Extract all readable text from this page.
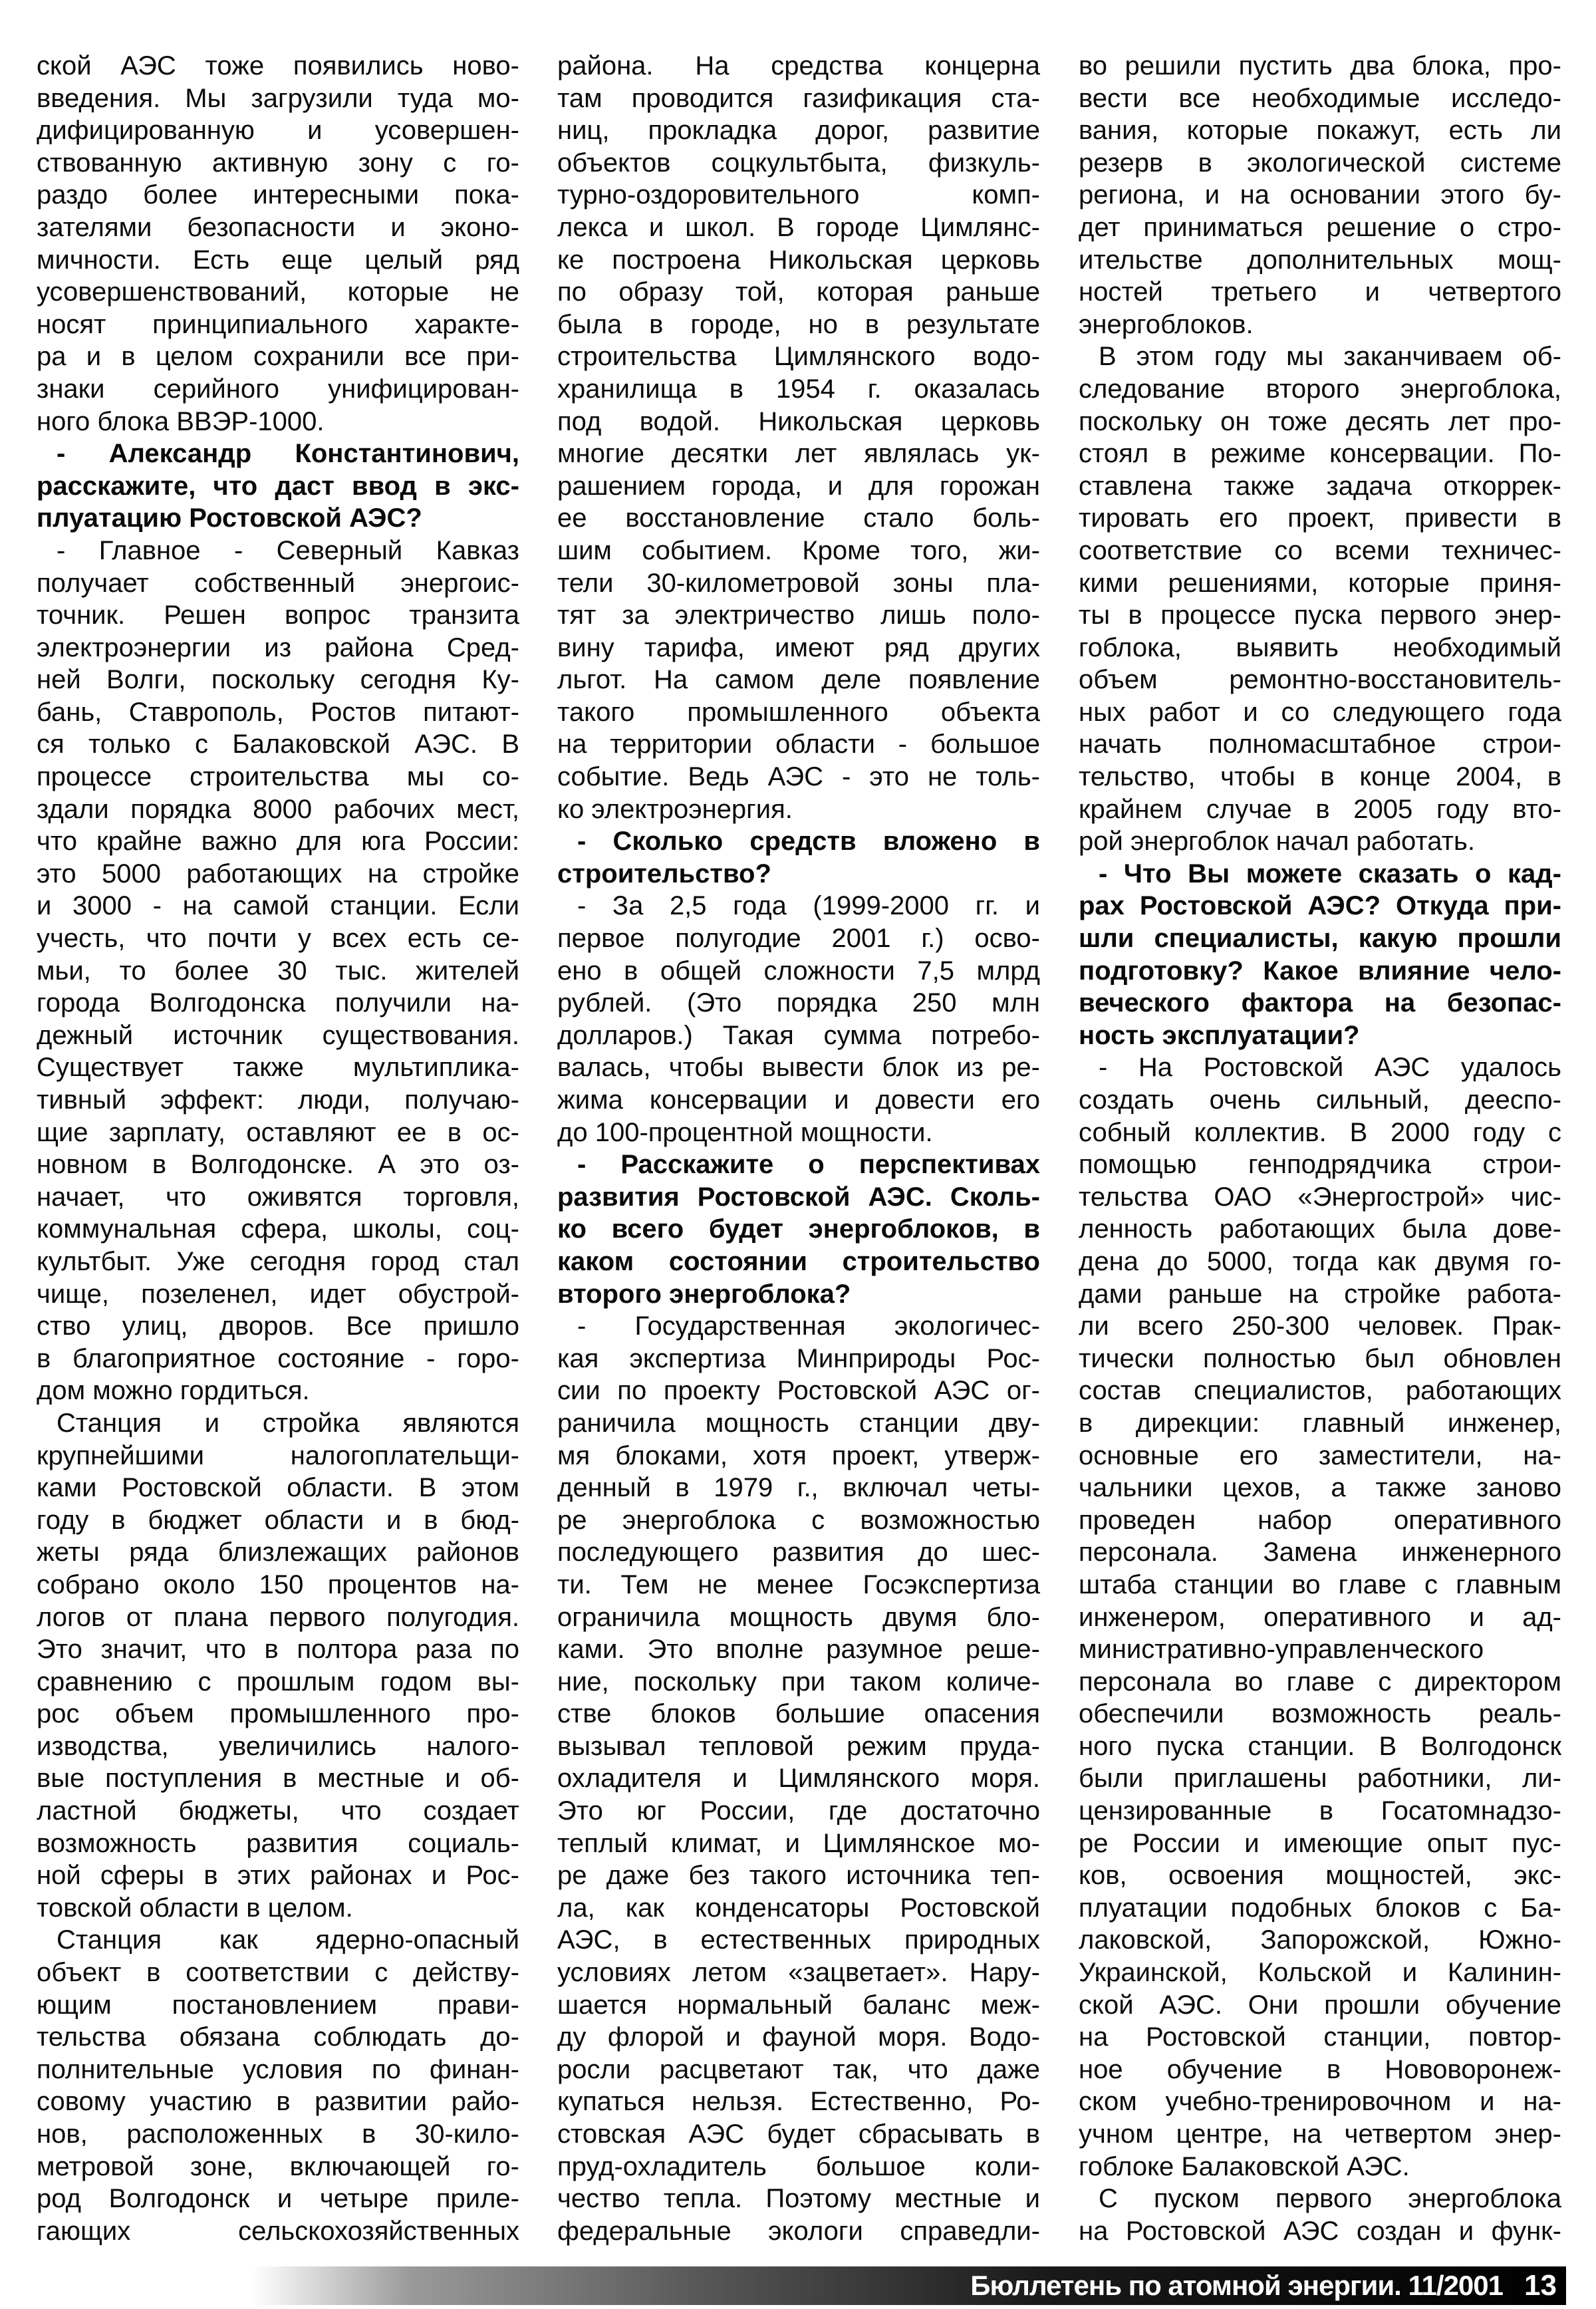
ской АЭС тоже появились ново-
введения. Мы загрузили туда мо-
дифицированную и усовершен-
ствованную активную зону с го-
раздо более интересными пока-
зателями безопасности и эконо-
мичности. Есть еще целый ряд
усовершенствований, которые не
носят принципиального характе-
ра и в целом сохранили все при-
знаки серийного унифицирован-
ного блока ВВЭР-1000.
- Александр Константинович,
расскажите, что даст ввод в экс-
плуатацию Ростовской АЭС?
- Главное - Северный Кавказ
получает собственный энергоис-
точник. Решен вопрос транзита
электроэнергии из района Сред-
ней Волги, поскольку сегодня Ку-
бань, Ставрополь, Ростов питают-
ся только с Балаковской АЭС. В
процессе строительства мы со-
здали порядка 8000 рабочих мест,
что крайне важно для юга России:
это 5000 работающих на стройке
и 3000 - на самой станции. Если
учесть, что почти у всех есть се-
мьи, то более 30 тыс. жителей
города Волгодонска получили на-
дежный источник существования.
Существует также мультиплика-
тивный эффект: люди, получаю-
щие зарплату, оставляют ее в ос-
новном в Волгодонске. А это оз-
начает, что оживятся торговля,
коммунальная сфера, школы, соц-
культбыт. Уже сегодня город стал
чище, позеленел, идет обустрой-
ство улиц, дворов. Все пришло
в благоприятное состояние - горо-
дом можно гордиться.
Станция и стройка являются
крупнейшими налогоплательщи-
ками Ростовской области. В этом
году в бюджет области и в бюд-
жеты ряда близлежащих районов
собрано около 150 процентов на-
логов от плана первого полугодия.
Это значит, что в полтора раза по
сравнению с прошлым годом вы-
рос объем промышленного про-
изводства, увеличились налого-
вые поступления в местные и об-
ластной бюджеты, что создает
возможность развития социаль-
ной сферы в этих районах и Рос-
товской области в целом.
Станция как ядерно-опасный
объект в соответствии с действу-
ющим постановлением прави-
тельства обязана соблюдать до-
полнительные условия по финан-
совому участию в развитии райо-
нов, расположенных в 30-кило-
метровой зоне, включающей го-
род Волгодонск и четыре приле-
гающих сельскохозяйственных
района. На средства концерна
там проводится газификация ста-
ниц, прокладка дорог, развитие
объектов соцкультбыта, физкуль-
турно-оздоровительного комп-
лекса и школ. В городе Цимлянс-
ке построена Никольская церковь
по образу той, которая раньше
была в городе, но в результате
строительства Цимлянского водо-
хранилища в 1954 г. оказалась
под водой. Никольская церковь
многие десятки лет являлась ук-
рашением города, и для горожан
ее восстановление стало боль-
шим событием. Кроме того, жи-
тели 30-километровой зоны пла-
тят за электричество лишь поло-
вину тарифа, имеют ряд других
льгот. На самом деле появление
такого промышленного объекта
на территории области - большое
событие. Ведь АЭС - это не толь-
ко электроэнергия.
- Сколько средств вложено в
строительство?
- За 2,5 года (1999-2000 гг. и
первое полугодие 2001 г.) осво-
ено в общей сложности 7,5 млрд
рублей. (Это порядка 250 млн
долларов.) Такая сумма потребо-
валась, чтобы вывести блок из ре-
жима консервации и довести его
до 100-процентной мощности.
- Расскажите о перспективах
развития Ростовской АЭС. Сколь-
ко всего будет энергоблоков, в
каком состоянии строительство
второго энергоблока?
- Государственная экологичес-
кая экспертиза Минприроды Рос-
сии по проекту Ростовской АЭС ог-
раничила мощность станции дву-
мя блоками, хотя проект, утверж-
денный в 1979 г., включал четы-
ре энергоблока с возможностью
последующего развития до шес-
ти. Тем не менее Госэкспертиза
ограничила мощность двумя бло-
ками. Это вполне разумное реше-
ние, поскольку при таком количе-
стве блоков большие опасения
вызывал тепловой режим пруда-
охладителя и Цимлянского моря.
Это юг России, где достаточно
теплый климат, и Цимлянское мо-
ре даже без такого источника теп-
ла, как конденсаторы Ростовской
АЭС, в естественных природных
условиях летом «зацветает». Нару-
шается нормальный баланс меж-
ду флорой и фауной моря. Водо-
росли расцветают так, что даже
купаться нельзя. Естественно, Ро-
стовская АЭС будет сбрасывать в
пруд-охладитель большое коли-
чество тепла. Поэтому местные и
федеральные экологи справедли-
во решили пустить два блока, про-
вести все необходимые исследо-
вания, которые покажут, есть ли
резерв в экологической системе
региона, и на основании этого бу-
дет приниматься решение о стро-
ительстве дополнительных мощ-
ностей третьего и четвертого
энергоблоков.
В этом году мы заканчиваем об-
следование второго энергоблока,
поскольку он тоже десять лет про-
стоял в режиме консервации. По-
ставлена также задача откоррек-
тировать его проект, привести в
соответствие со всеми техничес-
кими решениями, которые приня-
ты в процессе пуска первого энер-
гоблока, выявить необходимый
объем ремонтно-восстановитель-
ных работ и со следующего года
начать полномасштабное строи-
тельство, чтобы в конце 2004, в
крайнем случае в 2005 году вто-
рой энергоблок начал работать.
- Что Вы можете сказать о кад-
рах Ростовской АЭС? Откуда при-
шли специалисты, какую прошли
подготовку? Какое влияние чело-
веческого фактора на безопас-
ность эксплуатации?
- На Ростовской АЭС удалось
создать очень сильный, дееспо-
собный коллектив. В 2000 году с
помощью генподрядчика строи-
тельства ОАО «Энергострой» чис-
ленность работающих была дове-
дена до 5000, тогда как двумя го-
дами раньше на стройке работа-
ли всего 250-300 человек. Прак-
тически полностью был обновлен
состав специалистов, работающих
в дирекции: главный инженер,
основные его заместители, на-
чальники цехов, а также заново
проведен набор оперативного
персонала. Замена инженерного
штаба станции во главе с главным
инженером, оперативного и ад-
министративно-управленческого
персонала во главе с директором
обеспечили возможность реаль-
ного пуска станции. В Волгодонск
были приглашены работники, ли-
цензированные в Госатомнадзо-
ре России и имеющие опыт пус-
ков, освоения мощностей, экс-
плуатации подобных блоков с Ба-
лаковской, Запорожской, Южно-
Украинской, Кольской и Калинин-
ской АЭС. Они прошли обучение
на Ростовской станции, повтор-
ное обучение в Нововоронеж-
ском учебно-тренировочном и на-
учном центре, на четвертом энер-
гоблоке Балаковской АЭС.
С пуском первого энергоблока
на Ростовской АЭС создан и функ-
Бюллетень по атомной энергии. 11/2001 13
